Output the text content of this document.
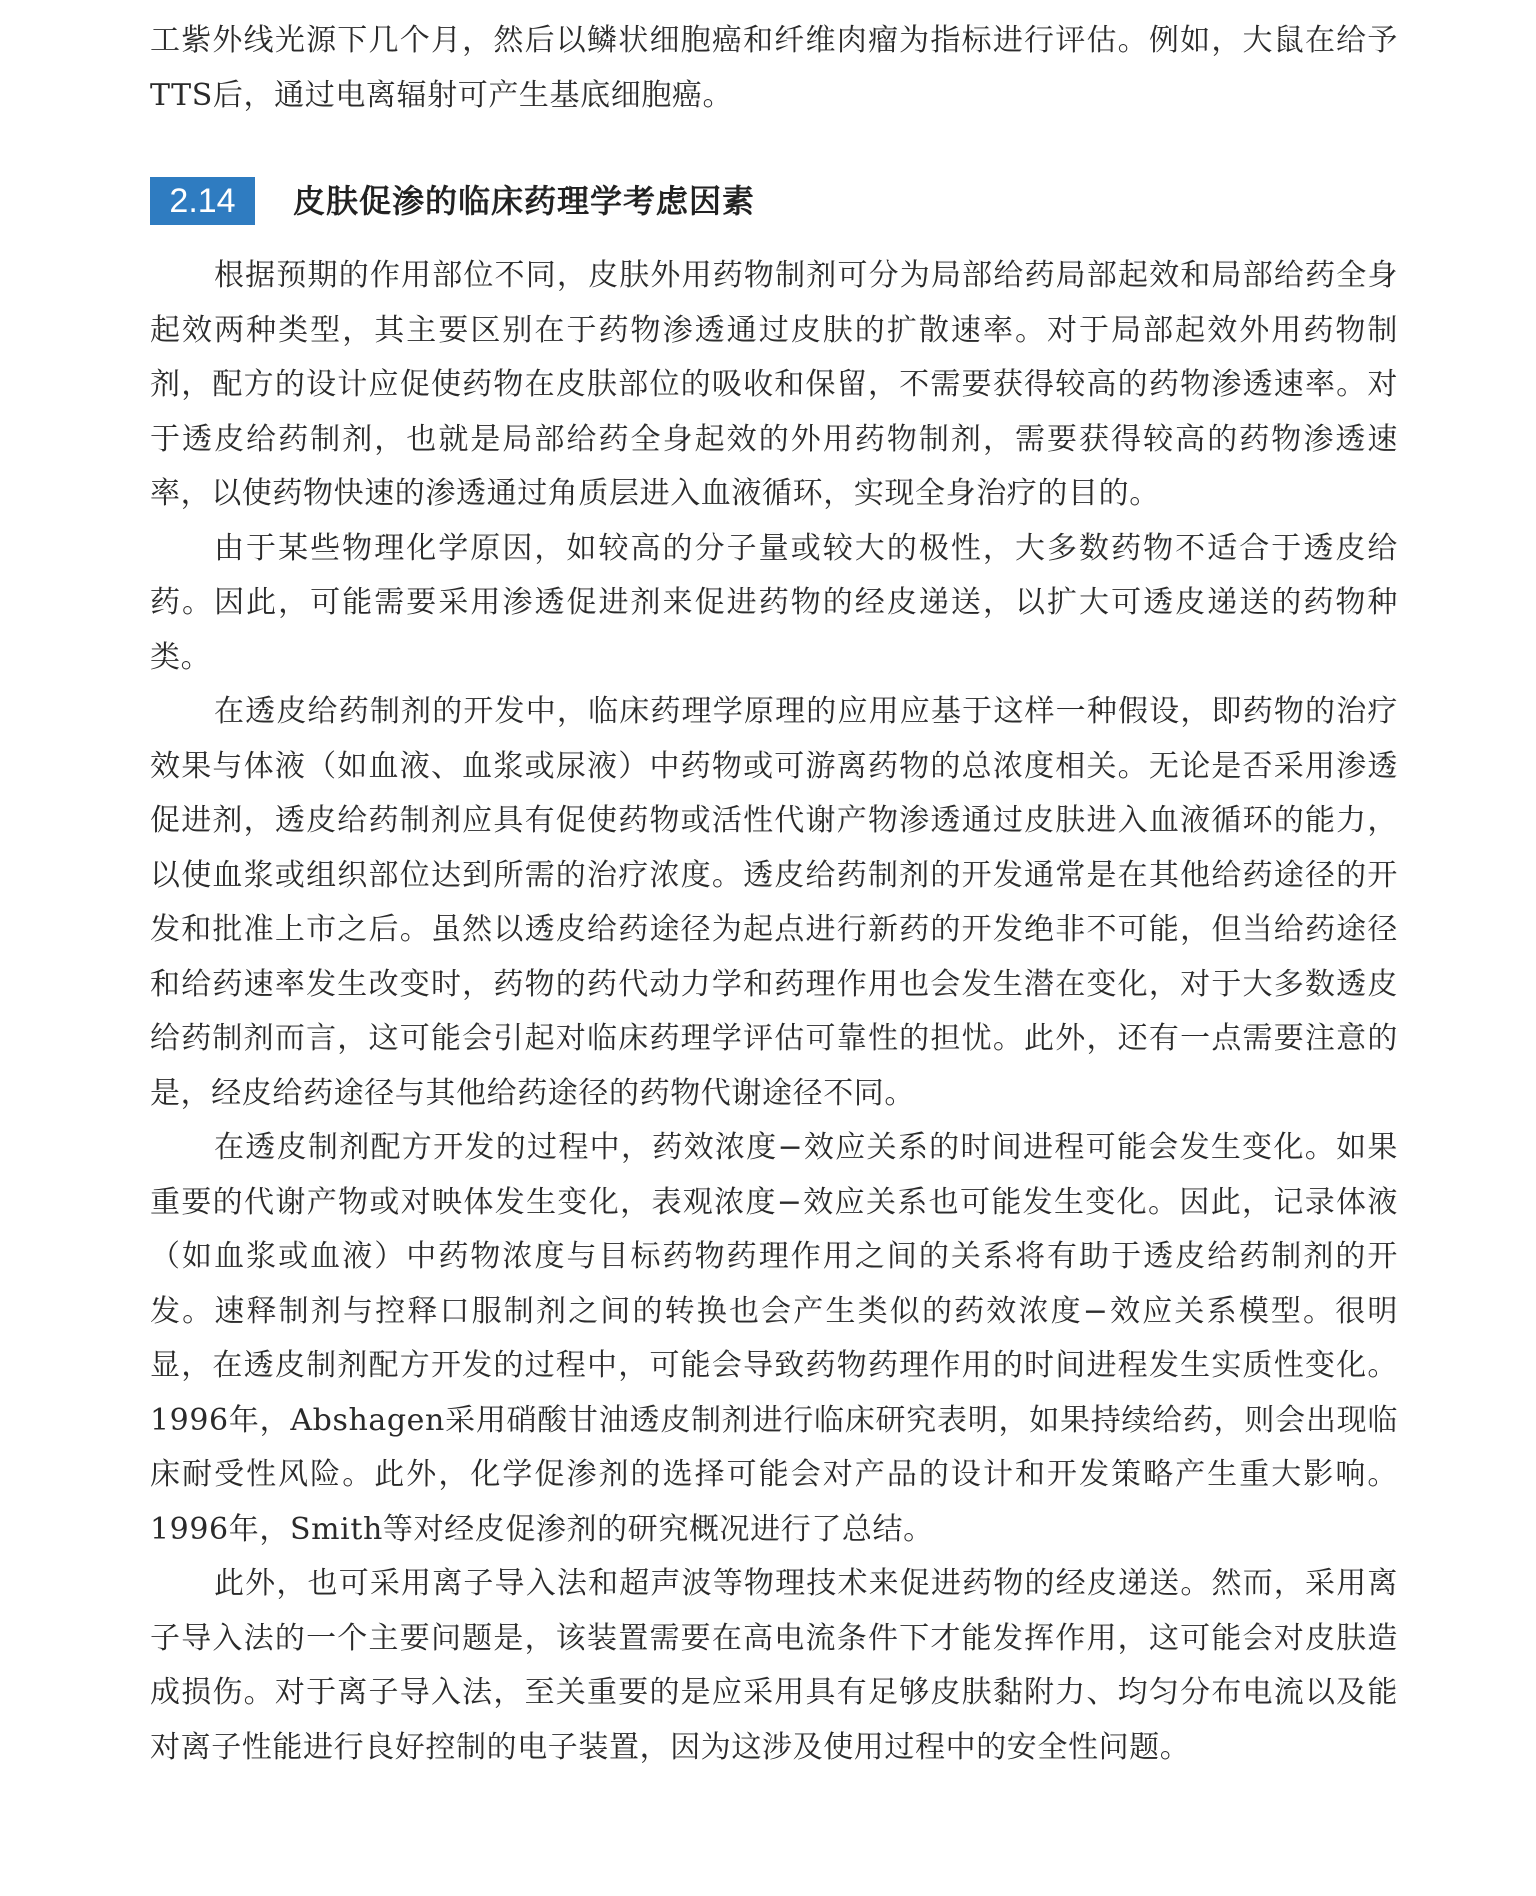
工紫外线光源下几个月，然后以鳞状细胞癌和纤维肉瘤为指标进行评估。例如，大鼠在给予TTS后，通过电离辐射可产生基底细胞癌。

2.14	皮肤促渗的临床药理学考虑因素

根据预期的作用部位不同，皮肤外用药物制剂可分为局部给药局部起效和局部给药全身起效两种类型，其主要区别在于药物渗透通过皮肤的扩散速率。对于局部起效外用药物制剂，配方的设计应促使药物在皮肤部位的吸收和保留，不需要获得较高的药物渗透速率。对于透皮给药制剂，也就是局部给药全身起效的外用药物制剂，需要获得较高的药物渗透速率，以使药物快速的渗透通过角质层进入血液循环，实现全身治疗的目的。

由于某些物理化学原因，如较高的分子量或较大的极性，大多数药物不适合于透皮给药。因此，可能需要采用渗透促进剂来促进药物的经皮递送，以扩大可透皮递送的药物种类。

在透皮给药制剂的开发中，临床药理学原理的应用应基于这样一种假设，即药物的治疗效果与体液（如血液、血浆或尿液）中药物或可游离药物的总浓度相关。无论是否采用渗透促进剂，透皮给药制剂应具有促使药物或活性代谢产物渗透通过皮肤进入血液循环的能力，以使血浆或组织部位达到所需的治疗浓度。透皮给药制剂的开发通常是在其他给药途径的开发和批准上市之后。虽然以透皮给药途径为起点进行新药的开发绝非不可能，但当给药途径和给药速率发生改变时，药物的药代动力学和药理作用也会发生潜在变化，对于大多数透皮给药制剂而言，这可能会引起对临床药理学评估可靠性的担忧。此外，还有一点需要注意的是，经皮给药途径与其他给药途径的药物代谢途径不同。

在透皮制剂配方开发的过程中，药效浓度−效应关系的时间进程可能会发生变化。如果重要的代谢产物或对映体发生变化，表观浓度−效应关系也可能发生变化。因此，记录体液（如血浆或血液）中药物浓度与目标药物药理作用之间的关系将有助于透皮给药制剂的开发。速释制剂与控释口服制剂之间的转换也会产生类似的药效浓度−效应关系模型。很明显，在透皮制剂配方开发的过程中，可能会导致药物药理作用的时间进程发生实质性变化。1996年，Abshagen采用硝酸甘油透皮制剂进行临床研究表明，如果持续给药，则会出现临床耐受性风险。此外，化学促渗剂的选择可能会对产品的设计和开发策略产生重大影响。1996年，Smith等对经皮促渗剂的研究概况进行了总结。

此外，也可采用离子导入法和超声波等物理技术来促进药物的经皮递送。然而，采用离子导入法的一个主要问题是，该装置需要在高电流条件下才能发挥作用，这可能会对皮肤造成损伤。对于离子导入法，至关重要的是应采用具有足够皮肤黏附力、均匀分布电流以及能对离子性能进行良好控制的电子装置，因为这涉及使用过程中的安全性问题。
